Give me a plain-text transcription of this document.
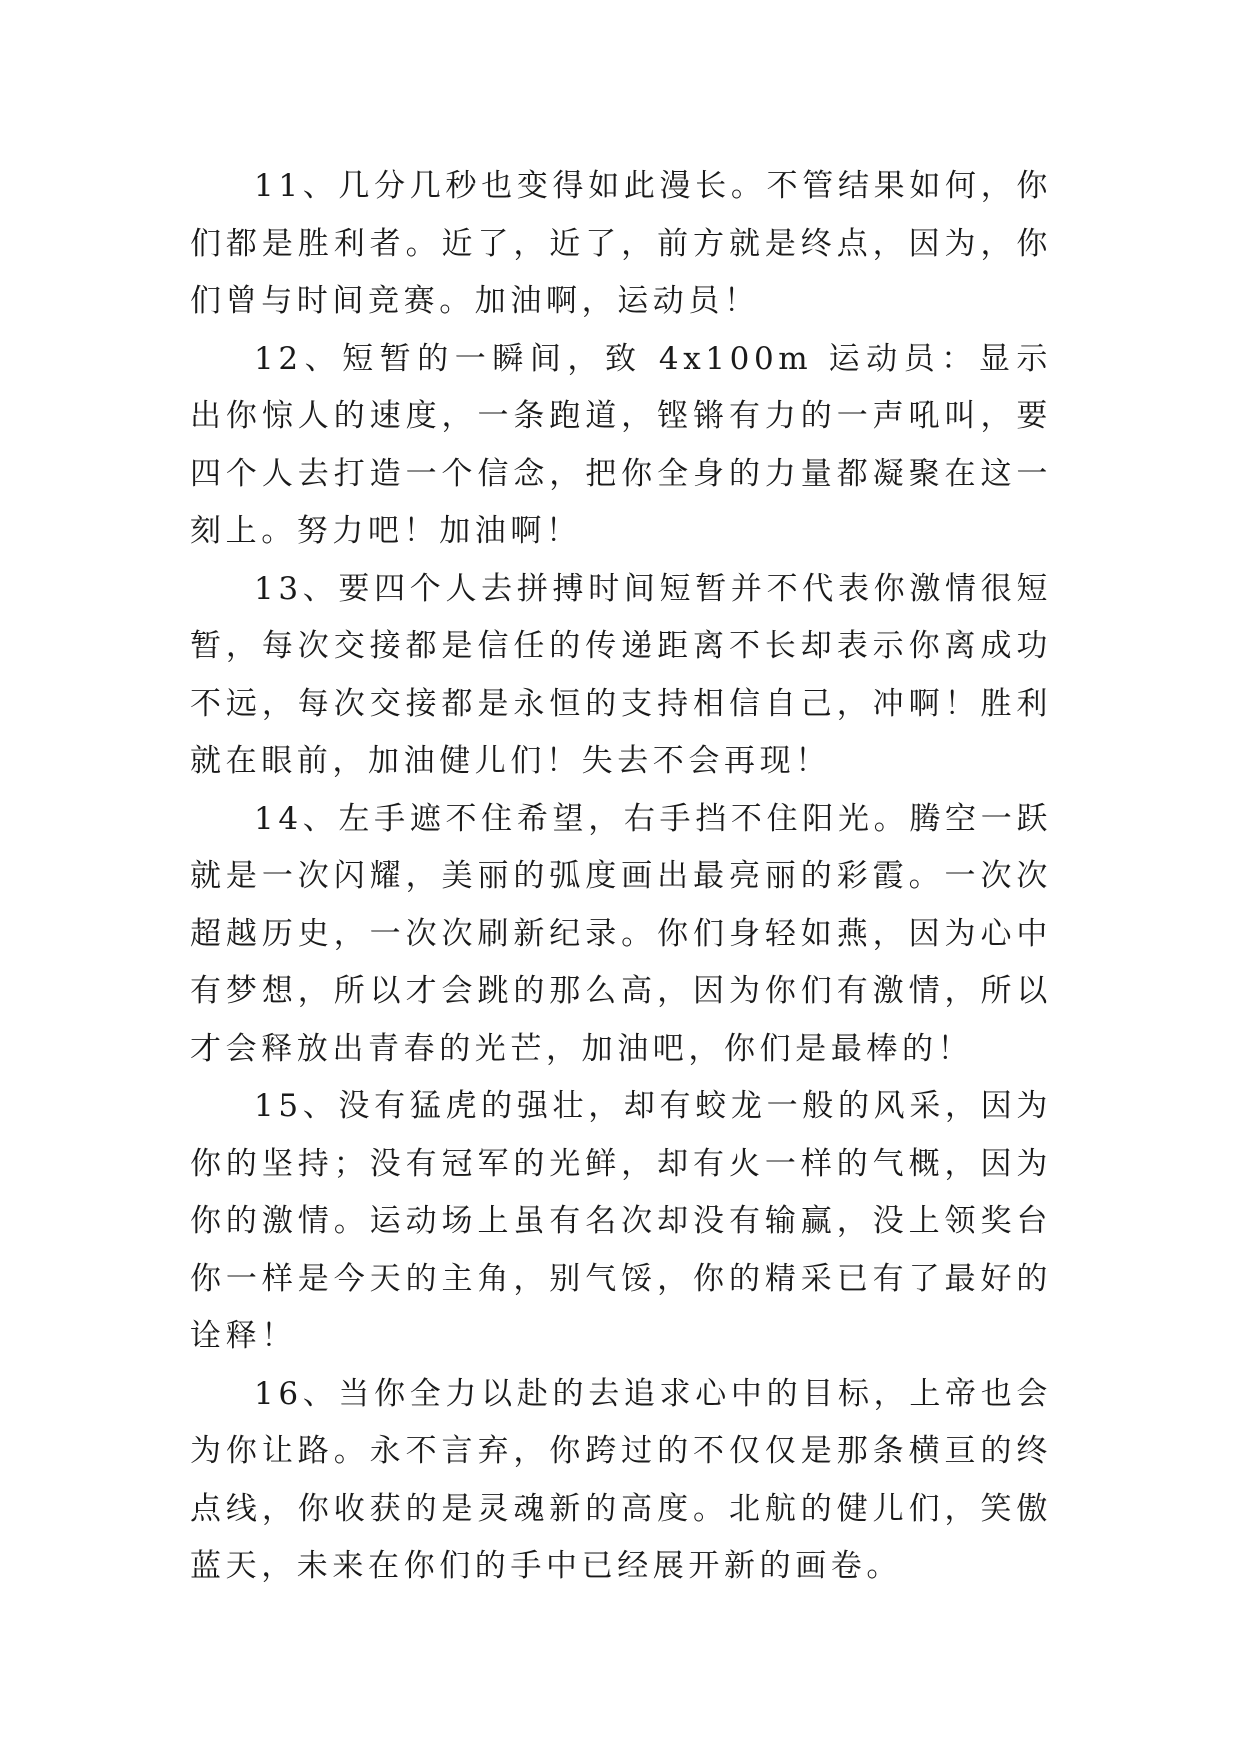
11、几分几秒也变得如此漫长。不管结果如何，你们都是胜利者。近了，近了，前方就是终点，因为，你们曾与时间竞赛。加油啊，运动员！

12、短暂的一瞬间，致 4x100m 运动员：显示出你惊人的速度，一条跑道，铿锵有力的一声吼叫，要四个人去打造一个信念，把你全身的力量都凝聚在这一刻上。努力吧！加油啊！

13、要四个人去拼搏时间短暂并不代表你激情很短暂，每次交接都是信任的传递距离不长却表示你离成功不远，每次交接都是永恒的支持相信自己，冲啊！胜利就在眼前，加油健儿们！失去不会再现！

14、左手遮不住希望，右手挡不住阳光。腾空一跃就是一次闪耀，美丽的弧度画出最亮丽的彩霞。一次次超越历史，一次次刷新纪录。你们身轻如燕，因为心中有梦想，所以才会跳的那么高，因为你们有激情，所以才会释放出青春的光芒，加油吧，你们是最棒的！

15、没有猛虎的强壮，却有蛟龙一般的风采，因为你的坚持；没有冠军的光鲜，却有火一样的气概，因为你的激情。运动场上虽有名次却没有输赢，没上领奖台你一样是今天的主角，别气馁，你的精采已有了最好的诠释！

16、当你全力以赴的去追求心中的目标，上帝也会为你让路。永不言弃，你跨过的不仅仅是那条横亘的终点线，你收获的是灵魂新的高度。北航的健儿们，笑傲蓝天，未来在你们的手中已经展开新的画卷。
